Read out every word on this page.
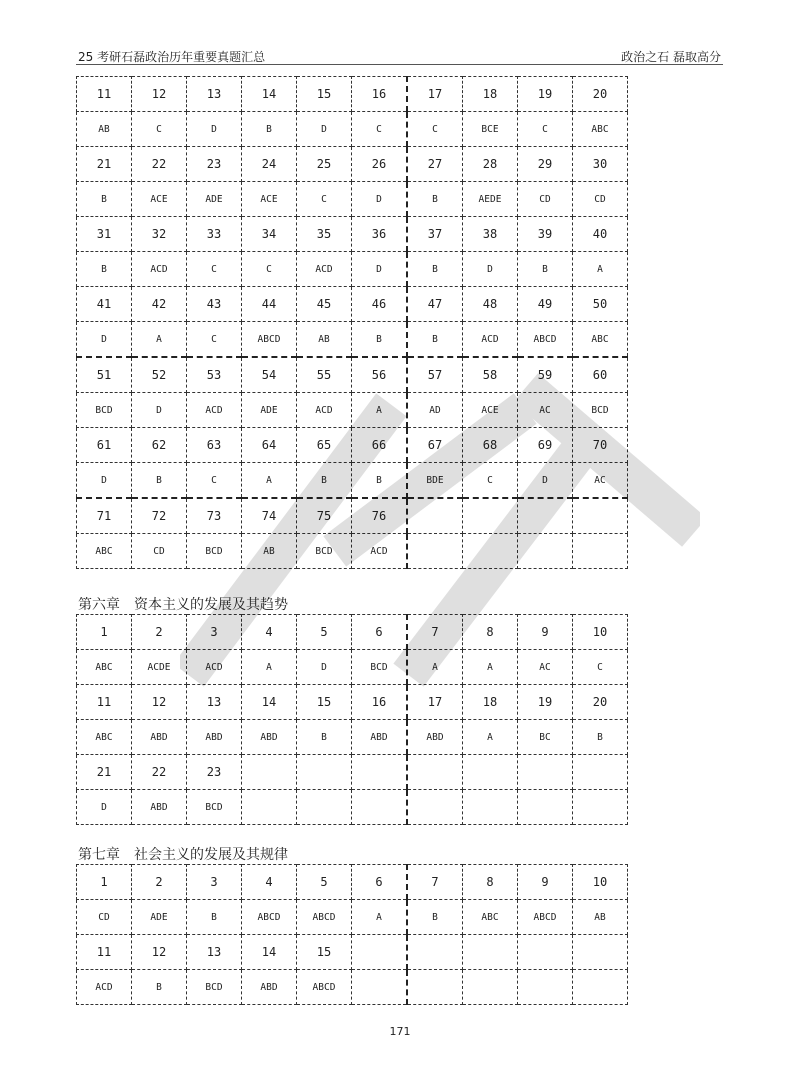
25 考研石磊政治历年重要真题汇总	政治之石 磊取高分
11	12	13	14	15	16	17	18	19	20
AB	C	D	B	D	C	C	BCE	C	ABC
21	22	23	24	25	26	27	28	29	30
B	ACE	ADE	ACE	C	D	B	AEDE	CD	CD
31	32	33	34	35	36	37	38	39	40
B	ACD	C	C	ACD	D	B	D	B	A
41	42	43	44	45	46	47	48	49	50
D	A	C	ABCD	AB	B	B	ACD	ABCD	ABC
51	52	53	54	55	56	57	58	59	60
BCD	D	ACD	ADE	ACD	A	AD	ACE	AC	BCD
61	62	63	64	65	66	67	68	69	70
D	B	C	A	B	B	BDE	C	D	AC
71	72	73	74	75	76				
ABC	CD	BCD	AB	BCD	ACD				
第六章　资本主义的发展及其趋势
1	2	3	4	5	6	7	8	9	10
ABC	ACDE	ACD	A	D	BCD	A	A	AC	C
11	12	13	14	15	16	17	18	19	20
ABC	ABD	ABD	ABD	B	ABD	ABD	A	BC	B
21	22	23							
D	ABD	BCD							
第七章　社会主义的发展及其规律
1	2	3	4	5	6	7	8	9	10
CD	ADE	B	ABCD	ABCD	A	B	ABC	ABCD	AB
11	12	13	14	15					
ACD	B	BCD	ABD	ABCD					
171
